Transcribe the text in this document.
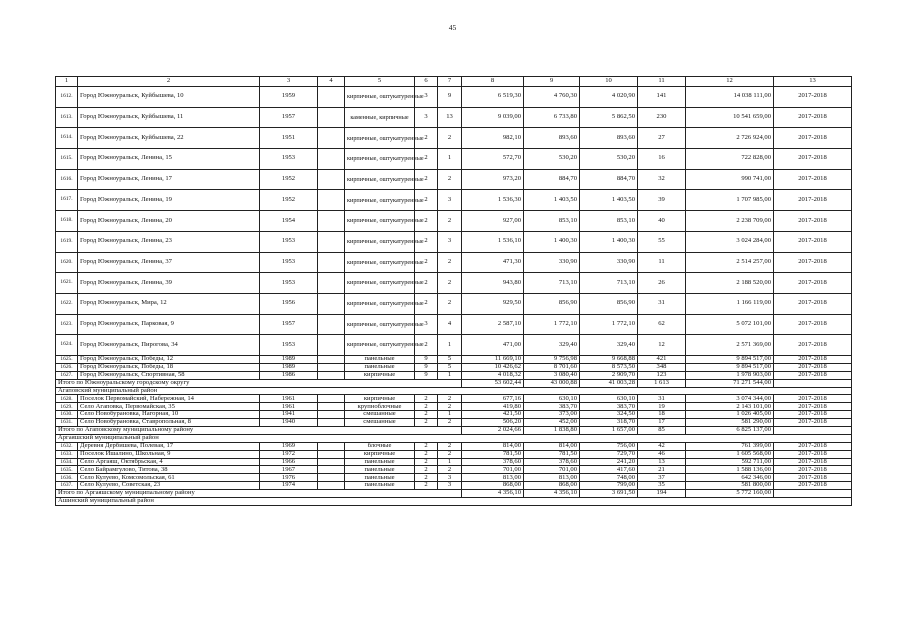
45
1	2	3	4	5	6	7	8	9	10	11	12	13
1612.	Город Южноуральск, Куйбышева, 10	1959		кирпичные, оштукатуренные	3	9	6 519,30	4 760,30	4 020,90	141	14 038 111,00	2017-2018
1613.	Город Южноуральск, Куйбышева, 11	1957		каменные, кирпичные	3	13	9 039,00	6 733,80	5 862,50	230	10 541 659,00	2017-2018
1614.	Город Южноуральск, Куйбышева, 22	1951		кирпичные, оштукатуренные	2	2	982,10	893,60	893,60	27	2 726 924,00	2017-2018
1615.	Город Южноуральск, Ленина, 15	1953		кирпичные, оштукатуренные	2	1	572,70	530,20	530,20	16	722 828,00	2017-2018
1616.	Город Южноуральск, Ленина, 17	1952		кирпичные, оштукатуренные	2	2	973,20	884,70	884,70	32	990 741,00	2017-2018
1617.	Город Южноуральск, Ленина, 19	1952		кирпичные, оштукатуренные	2	3	1 536,30	1 403,50	1 403,50	39	1 707 985,00	2017-2018
1618.	Город Южноуральск, Ленина, 20	1954		кирпичные, оштукатуренные	2	2	927,00	853,10	853,10	40	2 238 709,00	2017-2018
1619.	Город Южноуральск, Ленина, 23	1953		кирпичные, оштукатуренные	2	3	1 536,10	1 400,30	1 400,30	55	3 024 284,00	2017-2018
1620.	Город Южноуральск, Ленина, 37	1953		кирпичные, оштукатуренные	2	2	471,30	330,90	330,90	11	2 514 257,00	2017-2018
1621.	Город Южноуральск, Ленина, 39	1953		кирпичные, оштукатуренные	2	2	943,80	713,10	713,10	26	2 188 520,00	2017-2018
1622.	Город Южноуральск, Мира, 12	1956		кирпичные, оштукатуренные	2	2	929,50	856,90	856,90	31	1 166 119,00	2017-2018
1623.	Город Южноуральск, Парковая, 9	1957		кирпичные, оштукатуренные	3	4	2 587,10	1 772,10	1 772,10	62	5 072 101,00	2017-2018
1624.	Город Южноуральск, Пирогова, 34	1953		кирпичные, оштукатуренные	2	1	471,00	329,40	329,40	12	2 571 369,00	2017-2018
1625.	Город Южноуральск, Победы, 12	1989		панельные	9	5	11 669,10	9 756,98	9 668,88	421	9 894 517,00	2017-2018
1626.	Город Южноуральск, Победы, 18	1989		панельные	9	5	10 426,62	8 701,60	8 573,50	348	9 894 517,00	2017-2018
1627.	Город Южноуральск, Спортивная, 58	1986		кирпичные	9	1	4 018,32	3 080,40	2 909,70	123	1 978 903,00	2017-2018
Итого по Южноуральскому городскому округу							53 602,44	43 000,88	41 003,28	1 613	71 271 544,00	
Агаповский муниципальный район												
1628.	Поселок Первомайский, Набережная, 14	1961		кирпичные	2	2	677,16	630,10	630,10	31	3 074 344,00	2017-2018
1629.	Село Агаповка, Первомайская, 35	1961		крупноблочные	2	2	419,80	383,70	383,70	19	2 143 101,00	2017-2018
1630.	Село Новобурановка, Нагорная, 10	1941		смешанные	2	1	421,50	373,00	324,50	18	1 026 405,00	2017-2018
1631.	Село Новобурановка, Ставропольная, 8	1940		смешанные	2	2	506,20	452,00	318,70	17	581 290,00	2017-2018
Итого по Агаповскому муниципальному району							2 024,66	1 838,80	1 657,00	85	6 825 137,00	
Аргаяшский муниципальный район												
1632.	Деревня Дербишева, Полевая, 17	1969		блочные	2	2	814,00	814,00	756,00	42	761 399,00	2017-2018
1633.	Поселок Ишалино, Школьная, 9	1972		кирпичные	2	2	781,50	781,50	729,70	46	1 605 568,00	2017-2018
1634.	Село Аргаяш, Октябрьская, 4	1966		панельные	2	1	378,60	378,60	241,20	13	592 711,00	2017-2018
1635.	Село Байрамгулово, Титова, 38	1967		панельные	2	2	701,00	701,00	417,60	21	1 588 136,00	2017-2018
1636.	Село Кулуево, Комсомольская, 61	1976		панельные	2	3	813,00	813,00	748,00	37	642 346,00	2017-2018
1637.	Село Кулуево, Советская, 23	1974		панельные	2	3	868,00	868,00	799,00	35	581 800,00	2017-2018
Итого по Аргаяшскому муниципальному району							4 356,10	4 356,10	3 691,50	194	5 772 160,00	
Ашинский муниципальный район												
